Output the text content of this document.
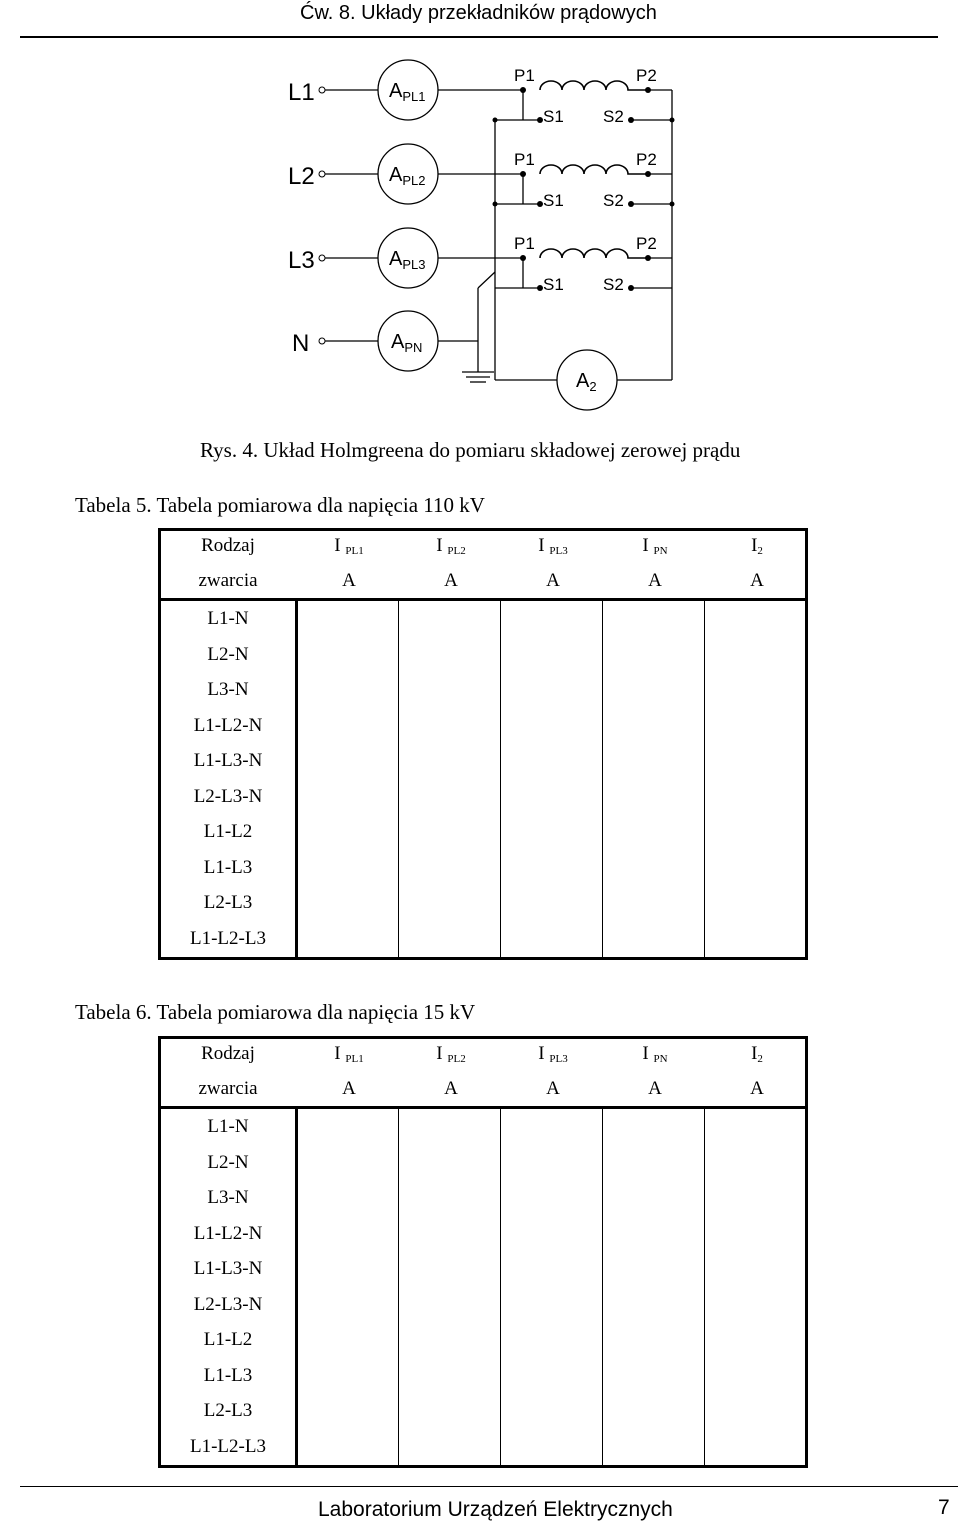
Ćw. 8. Układy przekładników prądowych
L1
L2
L3
N
$A_{PL1}$
$A_{PL2}$
$A_{PL3}$
$A_{PN}$
$A_2$
P1	P2
S1 S2
P1	P2
S1 S2
P1	P2
S1 S2
Rys. 4. Układ Holmgreena do pomiaru składowej zerowej prądu
Tabela 5. Tabela pomiarowa dla napięcia 110 kV
Rodzaj	I $_{PL1}$	I $_{PL2}$	I $_{PL3}$	I $_{PN}$	$I_2$
zwarcia	A	A	A	A	A
L1-N
L2-N
L3-N
L1-L2-N
L1-L3-N
L2-L3-N
L1-L2
L1-L3
L2-L3
L1-L2-L3
Tabela 6. Tabela pomiarowa dla napięcia 15 kV
Rodzaj	I $_{PL1}$	I $_{PL2}$	I $_{PL3}$	I $_{PN}$	$I_2$
zwarcia	A	A	A	A	A
L1-N
L2-N
L3-N
L1-L2-N
L1-L3-N
L2-L3-N
L1-L2
L1-L3
L2-L3
L1-L2-L3
Laboratorium Urządzeń Elektrycznych	7
